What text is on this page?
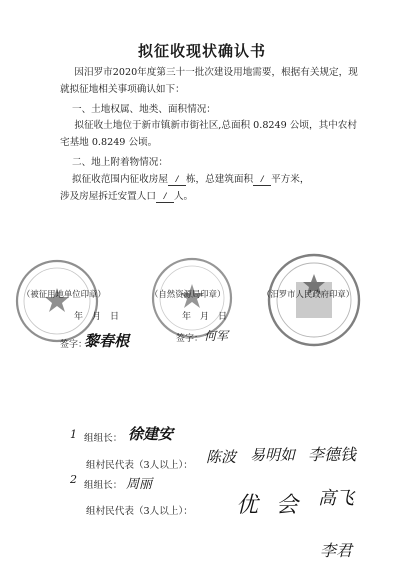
拟征收现状确认书
因汨罗市2020年度第三十一批次建设用地需要，根据有关规定，现就拟征地相关事项确认如下：
一、土地权属、地类、面积情况：
拟征收土地位于新市镇新市街社区,总面积 0.8249 公顷，其中农村宅基地 0.8249 公顷。
二、地上附着物情况：
拟征收范围内征收房屋 / 栋，总建筑面积 / 平方米，
涉及房屋拆迁安置人口 / 人。
（被征用地单位印章）	（自然资源局印章）	（汨罗市人民政府印章）
年　月　日	年　月　日
签字：
黎春根	签字： 何军
1 组组长： 徐建安
组村民代表（3人以上）： 陈波 易明如 李德钱
2 组组长： 周丽
组村民代表（3人以上）： 优 会 高飞
李君
